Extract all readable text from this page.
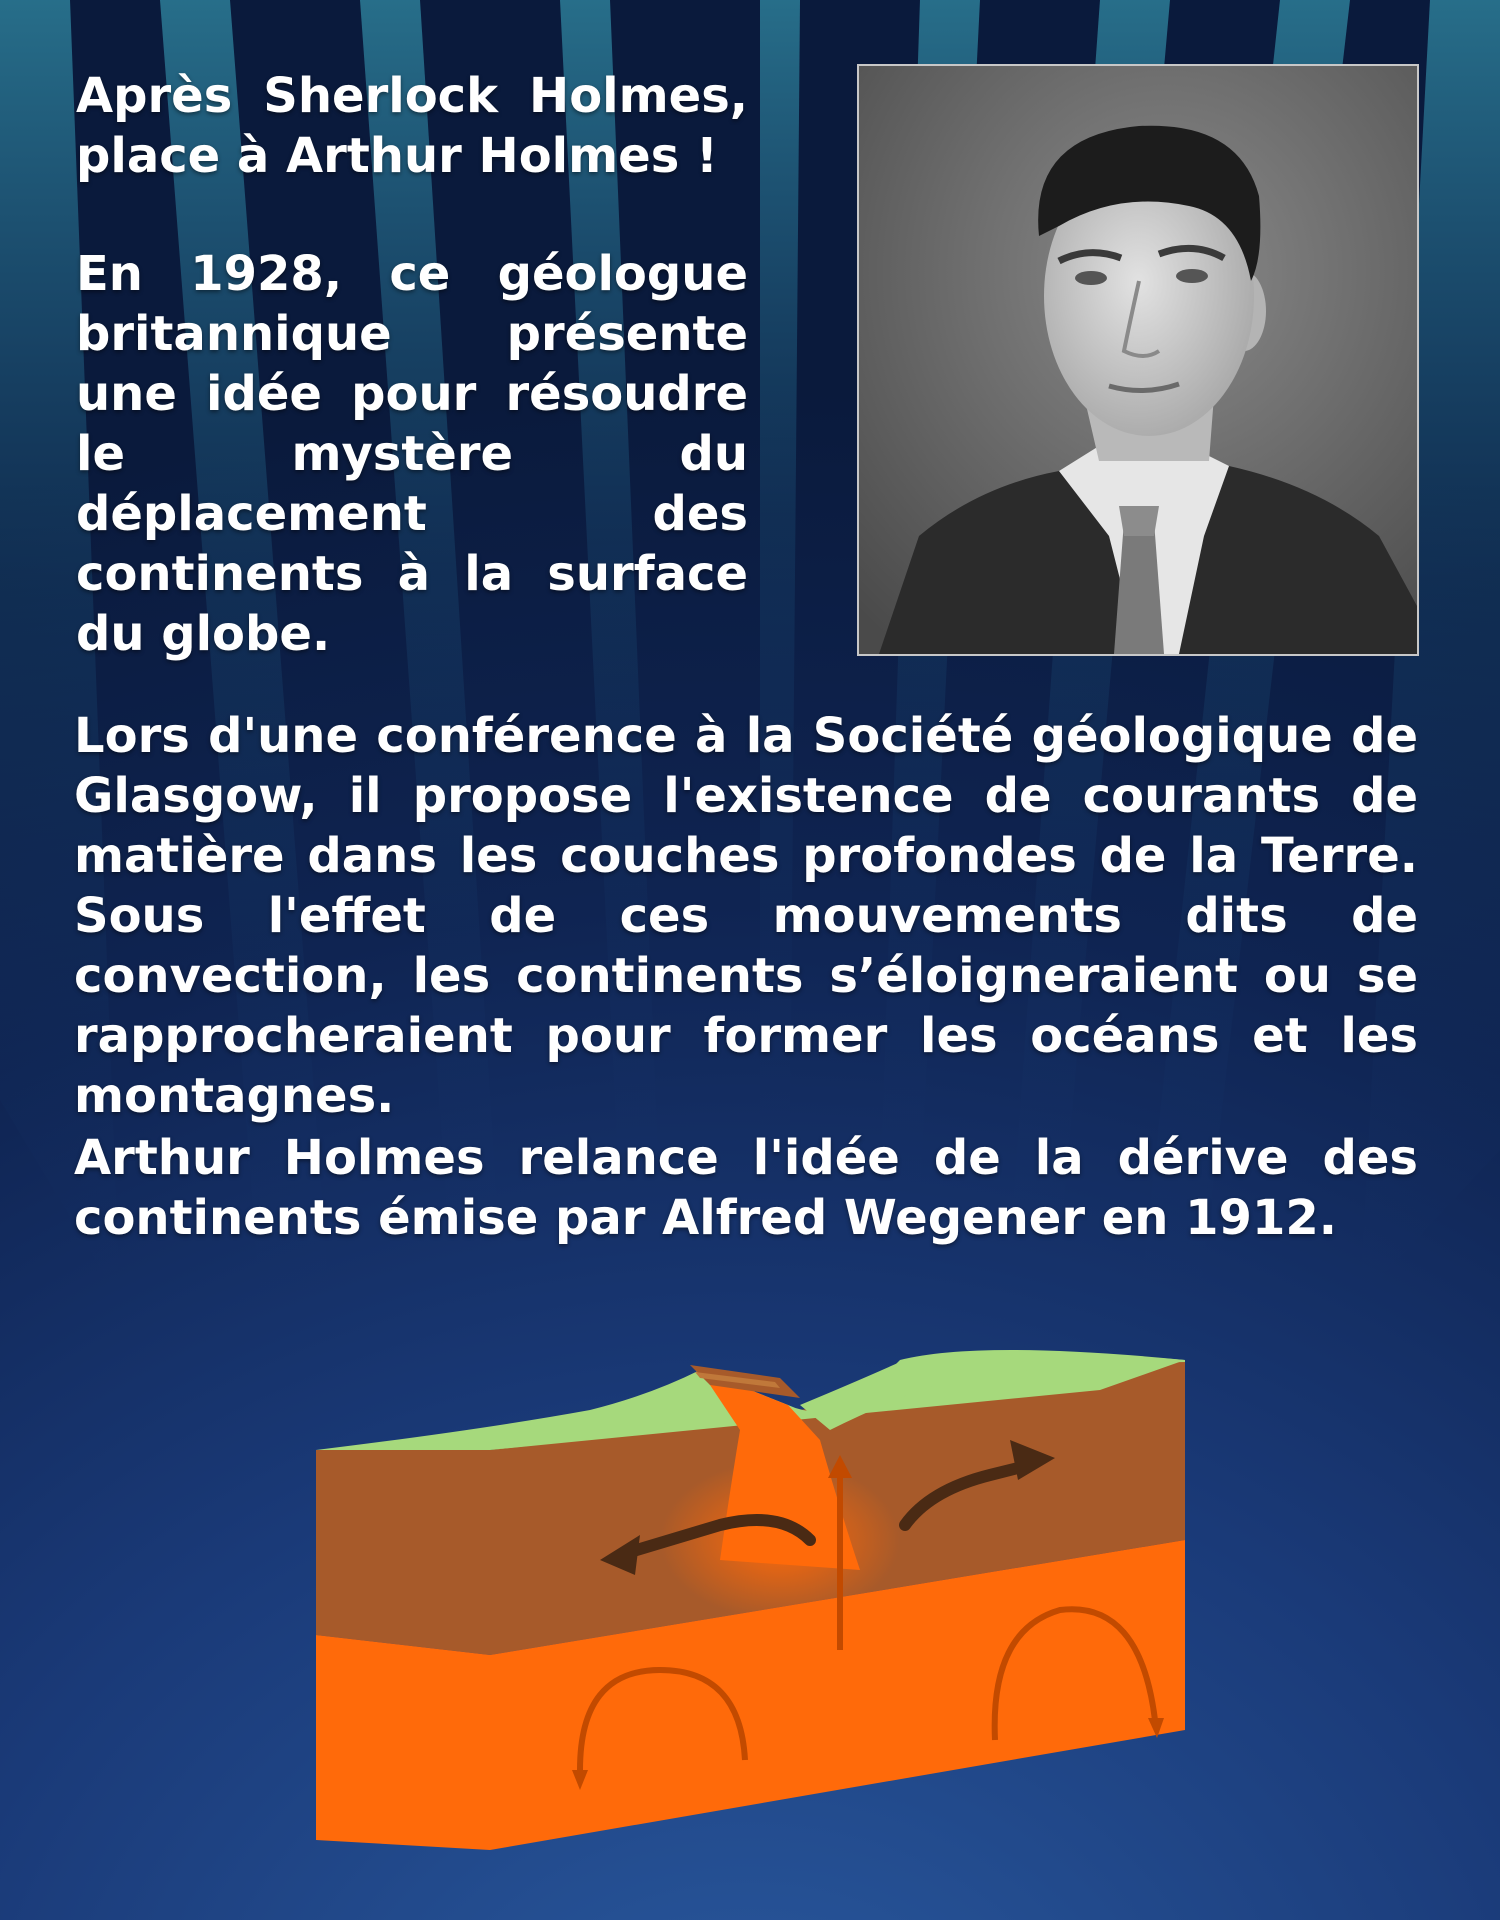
Après Sherlock Holmes, place à Arthur Holmes !

En 1928, ce géologue britannique présente une idée pour résoudre le mystère du déplacement des continents à la surface du globe.

Lors d'une conférence à la Société géologique de Glasgow, il propose l'existence de courants de matière dans les couches profondes de la Terre. Sous l'effet de ces mouvements dits de convection, les continents s’éloigneraient ou se rapprocheraient pour former les océans et les montagnes.

Arthur Holmes relance l'idée de la dérive des continents émise par Alfred Wegener en 1912.
